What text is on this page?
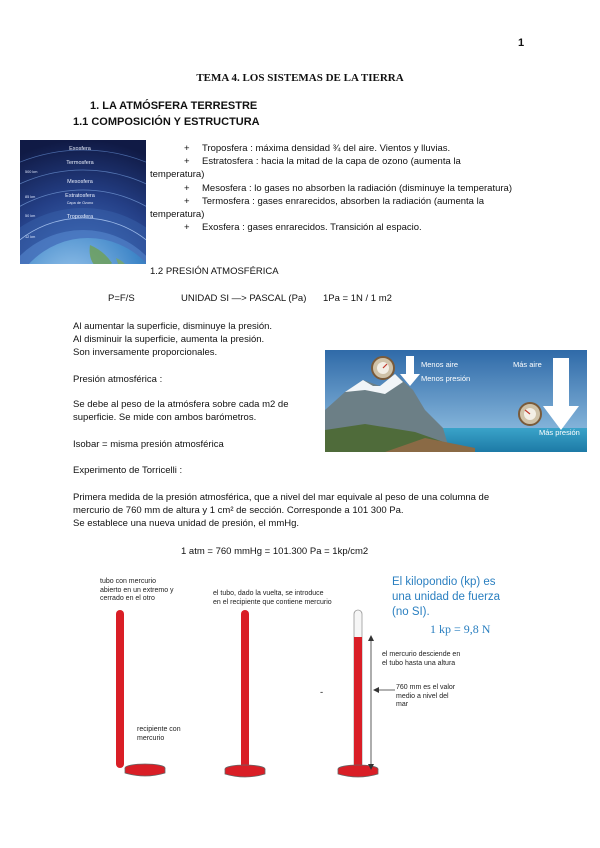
1
TEMA 4. LOS SISTEMAS DE LA TIERRA
1. LA ATMÓSFERA TERRESTRE
1.1 COMPOSICIÓN Y ESTRUCTURA
Exosfera
Termosfera
Mesosfera
Estratosfera
Capa de Ozono
Troposfera
500 km
85 km
50 km
12 km
+ Troposfera : máxima densidad ¾ del aire. Vientos y lluvias.
+ Estratosfera : hacia la mitad de la capa de ozono (aumenta la
temperatura)
+ Mesosfera : lo gases no absorben la radiación (disminuye la temperatura)
+ Termosfera : gases enrarecidos, absorben la radiación (aumenta la
temperatura)
+ Exosfera : gases enrarecidos. Transición al espacio.
1.2 PRESIÓN ATMOSFÉRICA
P=F/S	UNIDAD SI —> PASCAL (Pa) 1Pa = 1N / 1 m2
Al aumentar la superficie, disminuye la presión.
Al disminuir la superficie, aumenta la presión.
Son inversamente proporcionales.
Presión atmosférica :
Se debe al peso de la atmósfera sobre cada m2 de
superficie. Se mide con ambos barómetros.
Isobar = misma presión atmosférica
Experimento de Torricelli :
Primera medida de la presión atmosférica, que a nivel del mar equivale al peso de una columna de
mercurio de 760 mm de altura y 1 cm² de sección. Corresponde a 101 300 Pa.
Se establece una nueva unidad de presión, el mmHg.
1 atm = 760 mmHg = 101.300 Pa = 1kp/cm2
Menos aire
Menos presión
Más aire
Más presión
tubo con mercurio
abierto en un extremo y
cerrado en el otro
el tubo, dado la vuelta, se introduce
en el recipiente que contiene mercurio
recipiente con
mercurio
el mercurio desciende en
el tubo hasta una altura
760 mm es el valor
medio a nivel del
mar
-
El kilopondio (kp) es
una unidad de fuerza
(no SI).
1 kp = 9,8 N
